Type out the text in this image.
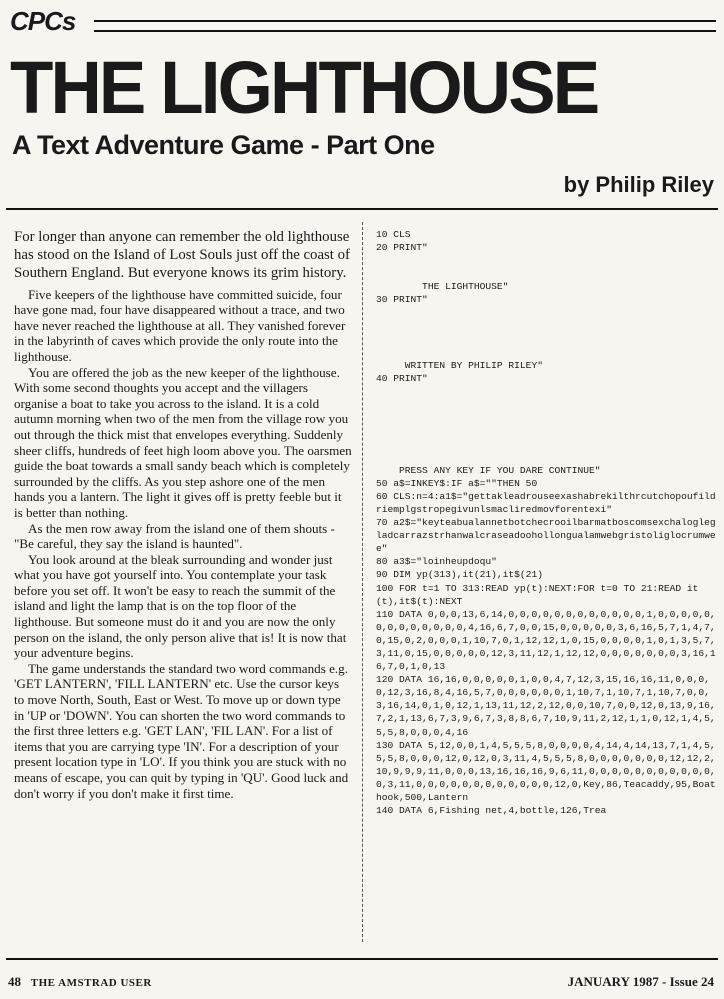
CPCs
THE LIGHTHOUSE
A Text Adventure Game - Part One
by Philip Riley

For longer than anyone can remember the old lighthouse has stood on the Island of Lost Souls just off the coast of Southern England. But everyone knows its grim history.

Five keepers of the lighthouse have committed suicide, four have gone mad, four have disappeared without a trace, and two have never reached the lighthouse at all. They vanished forever in the labyrinth of caves which provide the only route into the lighthouse.

You are offered the job as the new keeper of the lighthouse. With some second thoughts you accept and the villagers organise a boat to take you across to the island. It is a cold autumn morning when two of the men from the village row you out through the thick mist that envelopes everything. Suddenly sheer cliffs, hundreds of feet high loom above you. The oarsmen guide the boat towards a small sandy beach which is completely surrounded by the cliffs. As you step ashore one of the men hands you a lantern. The light it gives off is pretty feeble but it is better than nothing.

As the men row away from the island one of them shouts - "Be careful, they say the island is haunted".

You look around at the bleak surrounding and wonder just what you have got yourself into. You contemplate your task before you set off. It won't be easy to reach the summit of the island and light the lamp that is on the top floor of the lighthouse. But someone must do it and you are now the only person on the island, the only person alive that is! It is now that your adventure begins.

The game understands the standard two word commands e.g. 'GET LANTERN', 'FILL LANTERN' etc. Use the cursor keys to move North, South, East or West. To move up or down type in 'UP or 'DOWN'. You can shorten the two word commands to the first three letters e.g. 'GET LAN', 'FIL LAN'. For a list of items that you are carrying type 'IN'. For a description of your present location type in 'LO'. If you think you are stuck with no means of escape, you can quit by typing in 'QU'. Good luck and don't worry if you don't make it first time.

10 CLS
20 PRINT"

THE LIGHTHOUSE"
30 PRINT"

WRITTEN BY PHILIP RILEY"
40 PRINT"

PRESS ANY KEY IF YOU DARE CONTINUE"
50 a$=INKEY$:IF a$=""THEN 50
60 CLS:n=4:a1$="gettakleadrouseexashabrekilthrcutchopoufildriemplgstropegivunlsmacliredmovforentexi"
70 a2$="keyteabualannetbotchecrooilbarmatboscomsexchaloglegladcarrazstrhanwalcraseadoohollongualamwebgristoliglocrumwee"
80 a3$="loinheupdoqu"
90 DIM yp(313),it(21),it$(21)
100 FOR t=1 TO 313:READ yp(t):NEXT:FOR t=0 TO 21:READ it(t),it$(t):NEXT
110 DATA 0,0,0,13,6,14,0,0,0,0,0,0,0,0,0,0,0,0,1,0,0,0,0,0,0,0,0,0,0,0,0,0,4,16,6,7,0,0,15,0,0,0,0,0,3,6,16,5,7,1,4,7,0,15,0,2,0,0,0,1,10,7,0,1,12,12,1,0,15,0,0,0,0,1,0,1,3,5,7,3,11,0,15,0,0,0,0,0,12,3,11,12,1,12,12,0,0,0,0,0,0,0,3,16,16,7,0,1,0,13
120 DATA 16,16,0,0,0,0,0,1,0,0,4,7,12,3,15,16,16,11,0,0,0,0,12,3,16,8,4,16,5,7,0,0,0,0,0,0,1,10,7,1,10,7,1,10,7,0,0,3,16,14,0,1,0,12,1,13,11,12,2,12,0,0,10,7,0,0,12,0,13,9,16,7,2,1,13,6,7,3,9,6,7,3,8,8,6,7,10,9,11,2,12,1,1,0,12,1,4,5,5,5,8,0,0,0,4,16
130 DATA 5,12,0,0,1,4,5,5,5,8,0,0,0,0,4,14,4,14,13,7,1,4,5,5,5,8,0,0,0,12,0,12,0,3,11,4,5,5,5,8,0,0,0,0,0,0,0,12,12,2,10,9,9,9,11,0,0,0,13,16,16,16,9,6,11,0,0,0,0,0,0,0,0,0,0,0,0,3,11,0,0,0,0,0,0,0,0,0,0,0,0,12,0,Key,86,Teacaddy,95,Boathook,500,Lantern
140 DATA 6,Fishing net,4,bottle,126,Trea
48 THE AMSTRAD USER	JANUARY 1987 - Issue 24
